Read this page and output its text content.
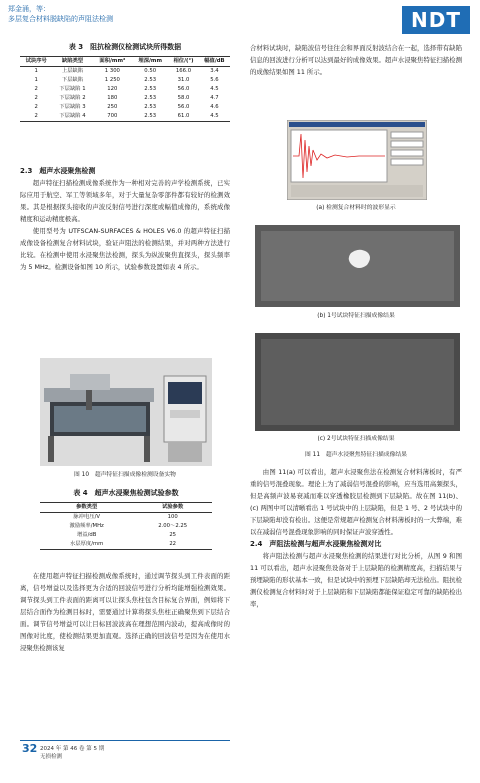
郑金涌，等：
多层复合材料脱缺陷的声阻法检测	NDT
表 3　阻抗检测仪检测试块所得数据
试块序号	缺陷类型	面积/mm²	埋深/mm	相位/(°)	幅值/dB
1	上层缺陷	1 300	0.50	166.0	3.4
1	下层缺陷	1 250	2.53	31.0	5.6
2	下层缺陷 1	120	2.53	56.0	4.5
2	下层缺陷 2	180	2.53	58.0	4.7
2	下层缺陷 3	250	2.53	56.0	4.6
2	下层缺陷 4	700	2.53	61.0	4.5
2.3　超声水浸聚焦检测

超声特征扫描检测成像系统作为一种相对完善的声学检测系统，已实际应用于航空、军工等领域多年，对于大量复杂零部件都有较好的检测效果。其是根据探头接收的声波反射信号进行深度或幅值成像的，系统成像精度和运动精度极高。

使用型号为 UTFSCAN-SURFACES & HOLES V6.0 的超声特征扫描成像设备检测复合材料试块，验证声阻法的检测结果，并对两种方法进行比较。在检测中使用水浸聚焦法检测，探头为纵波聚焦直探头，探头频率为 5 MHz。检测设备如图 10 所示，试验参数设置如表 4 所示。

图 10　超声特征扫描成像检测设备实物
表 4　超声水浸聚焦检测试验参数
参数类型	试验参数
脉冲电压/V	100
激励频率/MHz	2.00～2.25
增益/dB	25
水层厚度/mm	22

在使用超声特征扫描检测成像系统时，通过调节探头到工件表面的距离，信号增益以及选择更为合适的回波信号进行分析均能增强检测效果。调节探头到工件表面的距离可以让探头焦柱包含目标复合界面，例如将下层结合面作为检测目标时，需要通过计算将探头焦柱正确聚焦到下层结合面。调节信号增益可以让目标回波波高在理想范围内波动，提高成像时的图像对比度，使检测结果更加直观。选择正确的回波信号是因为在使用水浸聚焦检测该复

32 2024 年 第 46 卷 第 5 期
无损检测

合材料试块时，缺陷波信号往往会和界面反射波结合在一起，选择带有缺陷信息的回波进行分析可以达到最好的成像效果。超声水浸聚焦特征扫描检测的成像结果如图 11 所示。

(a) 检测复合材料时的波形显示
(b) 1号试块特征扫描成像结果
(c) 2号试块特征扫描成像结果
图 11　超声水浸聚焦特征扫描成像结果

由图 11(a) 可以看出，超声水浸聚焦法在检测复合材料薄板时，有严重的信号混叠现象。理论上为了减弱信号混叠的影响，应当选用高频探头，但是高频声波易衰减而难以穿透橡胶层检测到下层缺陷。故在图 11(b)、(c) 两图中可以清晰看出 1 号试块中的上层缺陷，但是 1 号、2 号试块中的下层缺陷却没有检出。这便是常规超声检测复合材料薄板时的一大弊端，难以在减弱信号混叠现象影响的同时保证声波穿透性。

2.4　声阻法检测与超声水浸聚焦检测对比

将声阻法检测与超声水浸聚焦检测的结果进行对比分析，从图 9 和图 11 可以看出，超声水浸聚焦设备对于上层缺陷的检测精度高，扫描结果与预埋缺陷的形状基本一致，但是试块中的预埋下层缺陷却无法检出。阻抗检测仪检测复合材料时对于上层缺陷和下层缺陷都能保证稳定可靠的缺陷检出率，
